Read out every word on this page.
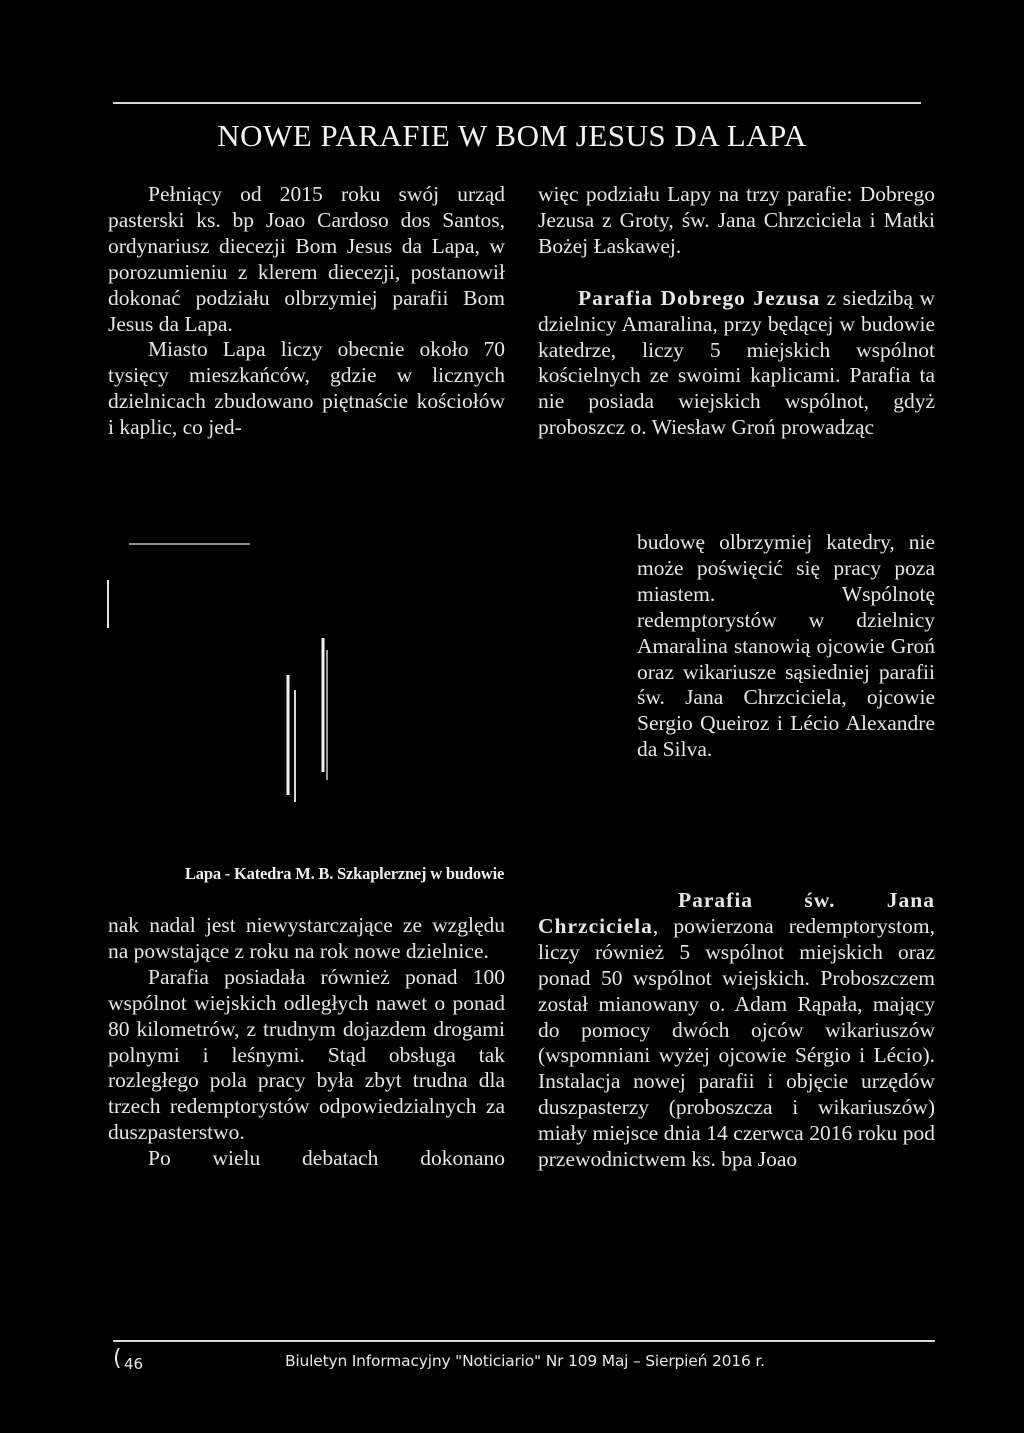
NOWE PARAFIE W BOM JESUS DA LAPA

Pełniący od 2015 roku swój urząd pasterski ks. bp Joao Cardoso dos Santos, ordynariusz diecezji Bom Jesus da Lapa, w porozumieniu z klerem diecezji, postanowił dokonać podziału olbrzymiej parafii Bom Jesus da Lapa.

Miasto Lapa liczy obecnie około 70 tysięcy mieszkańców, gdzie w licznych dzielnicach zbudowano piętnaście kościołów i kaplic, co jed-

Lapa - Katedra M. B. Szkaplerznej w budowie

nak nadal jest niewystarczające ze względu na powstające z roku na rok nowe dzielnice.

Parafia posiadała również ponad 100 wspólnot wiejskich odległych nawet o ponad 80 kilometrów, z trudnym dojazdem drogami polnymi i leśnymi. Stąd obsługa tak rozległego pola pracy była zbyt trudna dla trzech redemptorystów odpowiedzialnych za duszpasterstwo.

Po wielu debatach dokonano

więc podziału Lapy na trzy parafie: Dobrego Jezusa z Groty, św. Jana Chrzciciela i Matki Bożej Łaskawej.

Parafia Dobrego Jezusa z siedzibą w dzielnicy Amaralina, przy będącej w budowie katedrze, liczy 5 miejskich wspólnot kościelnych ze swoimi kaplicami. Parafia ta nie posiada wiejskich wspólnot, gdyż proboszcz o. Wiesław Groń prowadząc

budowę olbrzymiej katedry, nie może poświęcić się pracy poza miastem. Wspólnotę redemptorystów w dzielnicy Amaralina stanowią ojcowie Groń oraz wikariusze sąsiedniej parafii św. Jana Chrzciciela, ojcowie Sergio Queiroz i Lécio Alexandre da Silva.

Parafia św. Jana Chrzciciela, powierzona redemptorystom, liczy również 5 wspólnot miejskich oraz ponad 50 wspólnot wiejskich. Proboszczem został mianowany o. Adam Rąpała, mający do pomocy dwóch ojców wikariuszów (wspomniani wyżej ojcowie Sérgio i Lécio). Instalacja nowej parafii i objęcie urzędów duszpasterzy (proboszcza i wikariuszów) miały miejsce dnia 14 czerwca 2016 roku pod przewodnictwem ks. bpa Joao

( 46	Biuletyn Informacyjny "Noticiario" Nr 109 Maj – Sierpień 2016 r.
